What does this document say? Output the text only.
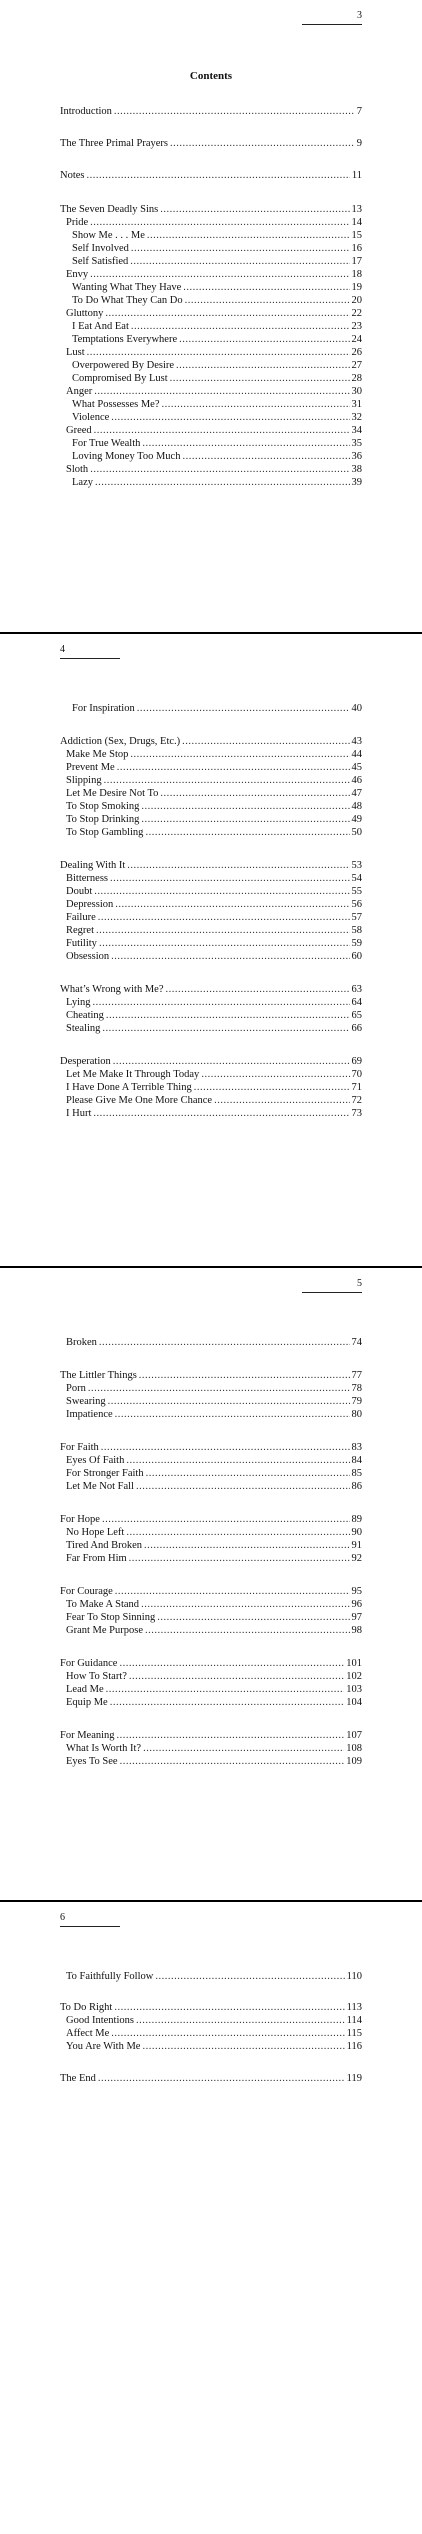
3
Contents
Introduction .....	7
The Three Primal Prayers .....	9
Notes .....	11
The Seven Deadly Sins .....	13
Pride .....	14
Show Me . . . Me .....	15
Self Involved .....	16
Self Satisfied .....	17
Envy .....	18
Wanting What They Have .....	19
To Do What They Can Do .....	20
Gluttony .....	22
I Eat And Eat .....	23
Temptations Everywhere .....	24
Lust .....	26
Overpowered By Desire .....	27
Compromised By Lust .....	28
Anger .....	30
What Possesses Me? .....	31
Violence .....	32
Greed .....	34
For True Wealth .....	35
Loving Money Too Much .....	36
Sloth .....	38
Lazy .....	39
4
For Inspiration .....	40
Addiction (Sex, Drugs, Etc.) .....	43
Make Me Stop .....	44
Prevent Me .....	45
Slipping .....	46
Let Me Desire Not To .....	47
To Stop Smoking .....	48
To Stop Drinking .....	49
To Stop Gambling .....	50
Dealing With It .....	53
Bitterness .....	54
Doubt .....	55
Depression .....	56
Failure .....	57
Regret .....	58
Futility .....	59
Obsession .....	60
What’s Wrong with Me? .....	63
Lying .....	64
Cheating .....	65
Stealing .....	66
Desperation .....	69
Let Me Make It Through Today .....	70
I Have Done A Terrible Thing .....	71
Please Give Me One More Chance .....	72
I Hurt .....	73
5
Broken .....	74
The Littler Things .....	77
Porn .....	78
Swearing .....	79
Impatience .....	80
For Faith .....	83
Eyes Of Faith .....	84
For Stronger Faith .....	85
Let Me Not Fall .....	86
For Hope .....	89
No Hope Left .....	90
Tired And Broken .....	91
Far From Him .....	92
For Courage .....	95
To Make A Stand .....	96
Fear To Stop Sinning .....	97
Grant Me Purpose .....	98
For Guidance .....	101
How To Start? .....	102
Lead Me .....	103
Equip Me .....	104
For Meaning .....	107
What Is Worth It? .....	108
Eyes To See .....	109
6
To Faithfully Follow .....	110
To Do Right .....	113
Good Intentions .....	114
Affect Me .....	115
You Are With Me .....	116
The End .....	119
